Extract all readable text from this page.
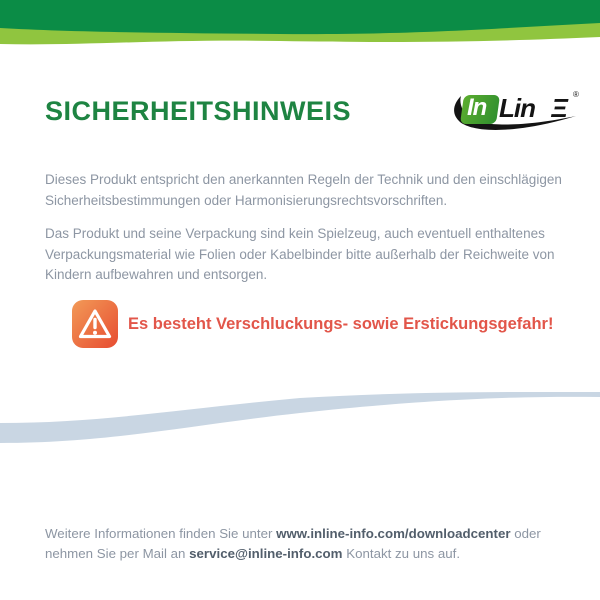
SICHERHEITSHINWEIS	In Lin Ξ ®
Dieses Produkt entspricht den anerkannten Regeln der Technik und den einschlägigen Sicherheitsbestimmungen oder Harmonisierungsrechtsvorschriften.
Das Produkt und seine Verpackung sind kein Spielzeug, auch eventuell enthaltenes Verpackungsmaterial wie Folien oder Kabelbinder bitte außerhalb der Reichweite von Kindern aufbewahren und entsorgen.
Es besteht Verschluckungs- sowie Erstickungsgefahr!
Weitere Informationen finden Sie unter www.inline-info.com/downloadcenter oder nehmen Sie per Mail an service@inline-info.com Kontakt zu uns auf.
